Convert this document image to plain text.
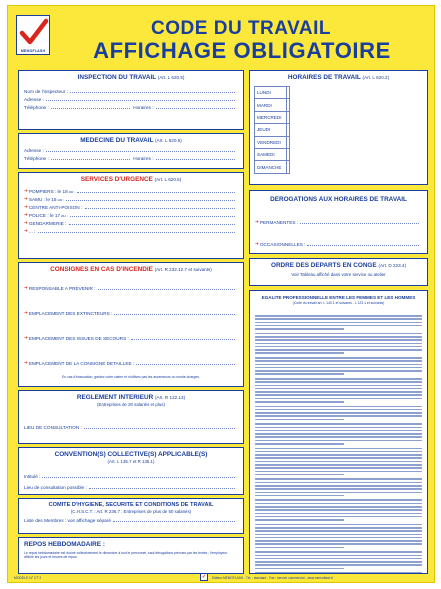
MEMOFLASH
CODE DU TRAVAIL
AFFICHAGE OBLIGATOIRE
INSPECTION DU TRAVAIL (Art. L 620.5)
Nom de l'inspecteur :
Adresse :
Téléphone :	Horaires :
MEDECINE DU TRAVAIL (Art. L 620.5)
Adresse :
Téléphone :	Horaires :
SERVICES D'URGENCE (Art. L 620.5)
➔ POMPIERS : le 18 ou :
➔ SAMU : le 15 ou :
➔ CENTRE ANTI-POISON :
➔ POLICE : le 17 ou :
➔ GENDARMERIE :
➔ ... :
CONSIGNES EN CAS D'INCENDIE (Art. R 232.12.7 et suivants)
➔ RESPONSABLE A PREVENIR :
➔ EMPLACEMENT DES EXTINCTEURS :
➔ EMPLACEMENT DES ISSUES DE SECOURS :
➔ EMPLACEMENT DE LA CONSIGNE DETAILLEE :
En cas d'évacuation, gardez votre calme et n'utilisez pas les ascenseurs ou monte-charges.
REGLEMENT INTERIEUR (Art. R 122.13)
(Entreprises de 20 salariés et plus)
LIEU DE CONSULTATION :
CONVENTION(S) COLLECTIVE(S) APPLICABLE(S)
(Art. L 135.7 et R 135.1)
Intitulé :
Lieu de consultation possible :
COMITE D'HYGIENE, SECURITE ET CONDITIONS DE TRAVAIL
(C.H.S.C.T. : Art. R 236.7 : Entreprises de plus de 50 salariés)
Liste des Membres : voir affichage séparé
REPOS HEBDOMADAIRE :
Le repos hebdomadaire est donné collectivement le dimanche à tout le personnel, sauf dérogations prévues par les textes ; l'employeur affiche les jours et heures de repos.
HORAIRES DE TRAVAIL (Art. L 620.2)
LUNDI	
MARDI	
MERCREDI	
JEUDI	
VENDREDI	
SAMEDI	
DIMANCHE	
DEROGATIONS AUX HORAIRES DE TRAVAIL
➔ PERMANENTES :
➔ OCCASIONNELLES :
ORDRE DES DEPARTS EN CONGE (Art. D 223.4)
Voir Tableau affiché dans votre service ou atelier
EGALITE PROFESSIONNELLE ENTRE LES FEMMES ET LES HOMMES
(Code du travail art. L 140.1 et suivants - L 123.1 et suivants)
MODELE N° CT 2	✓	Editeur MEMOFLASH - Tél. : standard - Fax : service commercial - www.memoflash.fr
